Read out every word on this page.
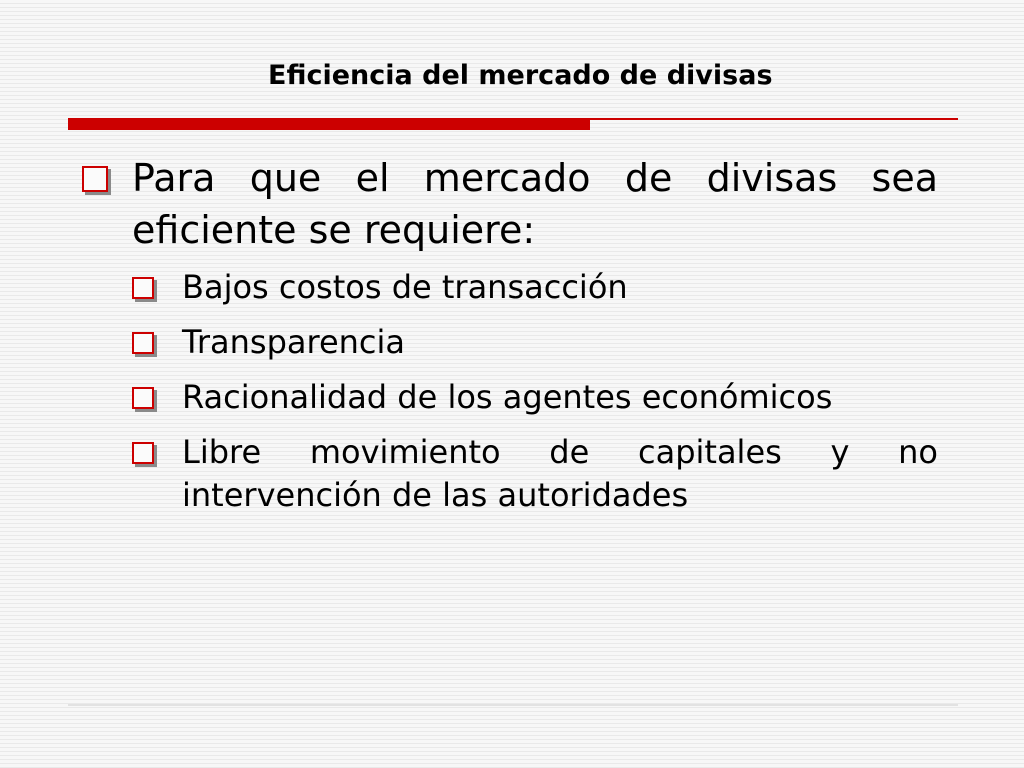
Eficiencia del mercado de divisas
Para que el mercado de divisas sea eficiente se requiere:
Bajos costos de transacción
Transparencia
Racionalidad de los agentes económicos
Libre movimiento de capitales y no intervención de las autoridades
